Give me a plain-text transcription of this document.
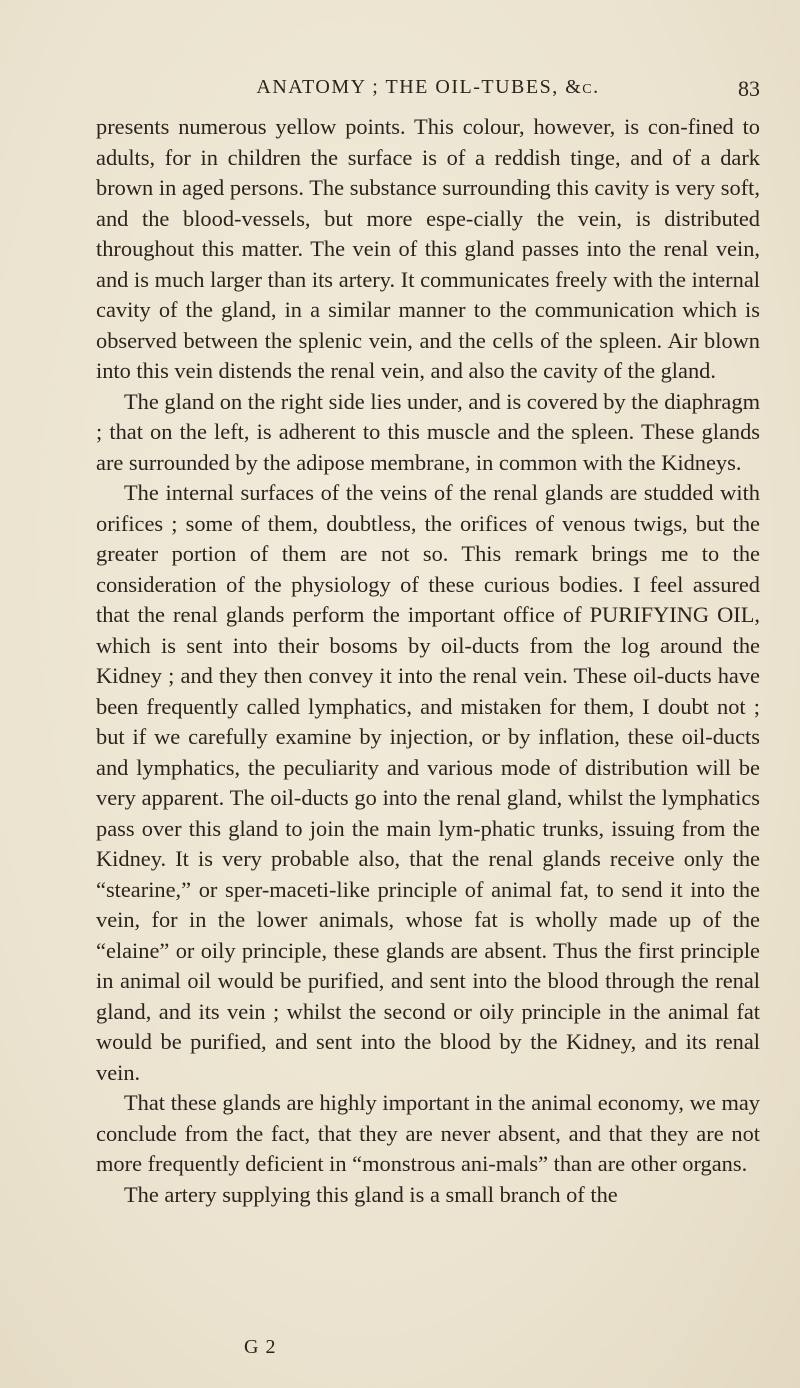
ANATOMY ; THE OIL-TUBES, &c.	83

presents numerous yellow points. This colour, however, is con-fined to adults, for in children the surface is of a reddish tinge, and of a dark brown in aged persons. The substance surrounding this cavity is very soft, and the blood-vessels, but more espe-cially the vein, is distributed throughout this matter. The vein of this gland passes into the renal vein, and is much larger than its artery. It communicates freely with the internal cavity of the gland, in a similar manner to the communication which is observed between the splenic vein, and the cells of the spleen. Air blown into this vein distends the renal vein, and also the cavity of the gland.

The gland on the right side lies under, and is covered by the diaphragm ; that on the left, is adherent to this muscle and the spleen. These glands are surrounded by the adipose membrane, in common with the Kidneys.

The internal surfaces of the veins of the renal glands are studded with orifices ; some of them, doubtless, the orifices of venous twigs, but the greater portion of them are not so. This remark brings me to the consideration of the physiology of these curious bodies. I feel assured that the renal glands perform the important office of PURIFYING OIL, which is sent into their bosoms by oil-ducts from the log around the Kidney ; and they then convey it into the renal vein. These oil-ducts have been frequently called lymphatics, and mistaken for them, I doubt not ; but if we carefully examine by injection, or by inflation, these oil-ducts and lymphatics, the peculiarity and various mode of distribution will be very apparent. The oil-ducts go into the renal gland, whilst the lymphatics pass over this gland to join the main lym-phatic trunks, issuing from the Kidney. It is very probable also, that the renal glands receive only the “stearine,” or sper-maceti-like principle of animal fat, to send it into the vein, for in the lower animals, whose fat is wholly made up of the “elaine” or oily principle, these glands are absent. Thus the first principle in animal oil would be purified, and sent into the blood through the renal gland, and its vein ; whilst the second or oily principle in the animal fat would be purified, and sent into the blood by the Kidney, and its renal vein.

That these glands are highly important in the animal economy, we may conclude from the fact, that they are never absent, and that they are not more frequently deficient in “monstrous ani-mals” than are other organs.

The artery supplying this gland is a small branch of the

G 2
